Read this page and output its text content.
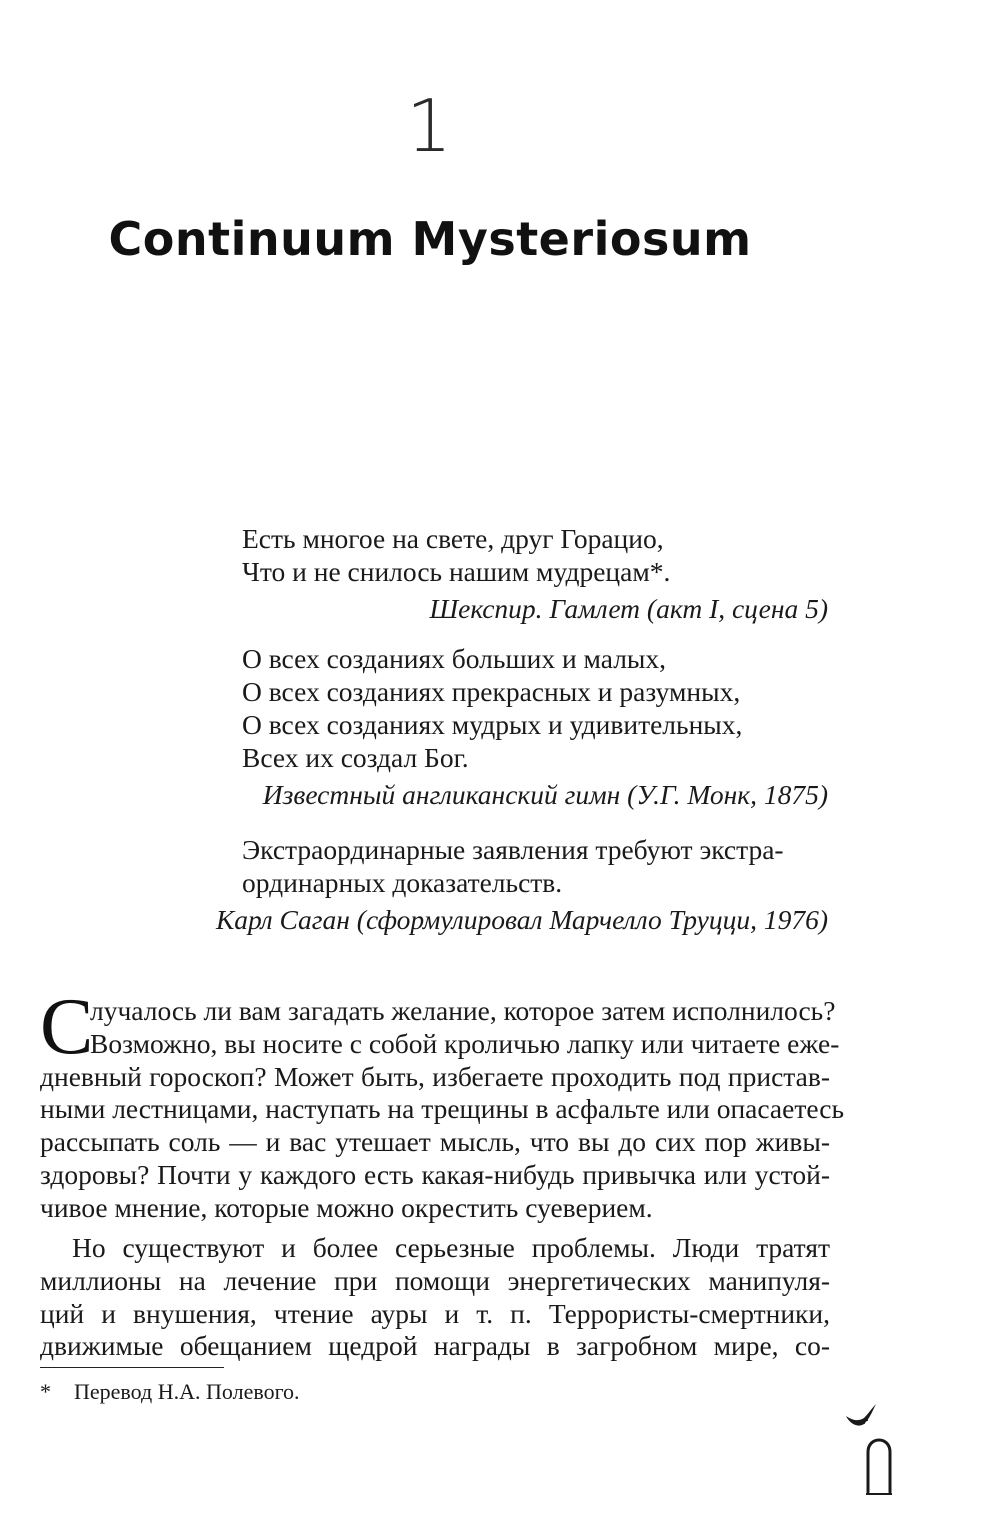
1
Continuum Mysteriosum
Есть многое на свете, друг Горацио,
Что и не снилось нашим мудрецам*.
Шекспир. Гамлет (акт I, сцена 5)
О всех созданиях больших и малых,
О всех созданиях прекрасных и разумных,
О всех созданиях мудрых и удивительных,
Всех их создал Бог.
Известный англиканский гимн (У.Г. Монк, 1875)
Экстраординарные заявления требуют экстра-
ординарных доказательств.
Карл Саган (сформулировал Марчелло Труцци, 1976)
С
лучалось ли вам загадать желание, которое затем исполнилось?
Возможно, вы носите с собой кроличью лапку или читаете еже-
дневный гороскоп? Может быть, избегаете проходить под пристав-
ными лестницами, наступать на трещины в асфальте или опасаетесь
рассыпать соль — и вас утешает мысль, что вы до сих пор живы-
здоровы? Почти у каждого есть какая-нибудь привычка или устой-
чивое мнение, которые можно окрестить суеверием.
Но существуют и более серьезные проблемы. Люди тратят
миллионы на лечение при помощи энергетических манипуля-
ций и внушения, чтение ауры и т. п. Террористы-смертники,
движимые обещанием щедрой награды в загробном мире, со-
* Перевод Н.А. Полевого.
